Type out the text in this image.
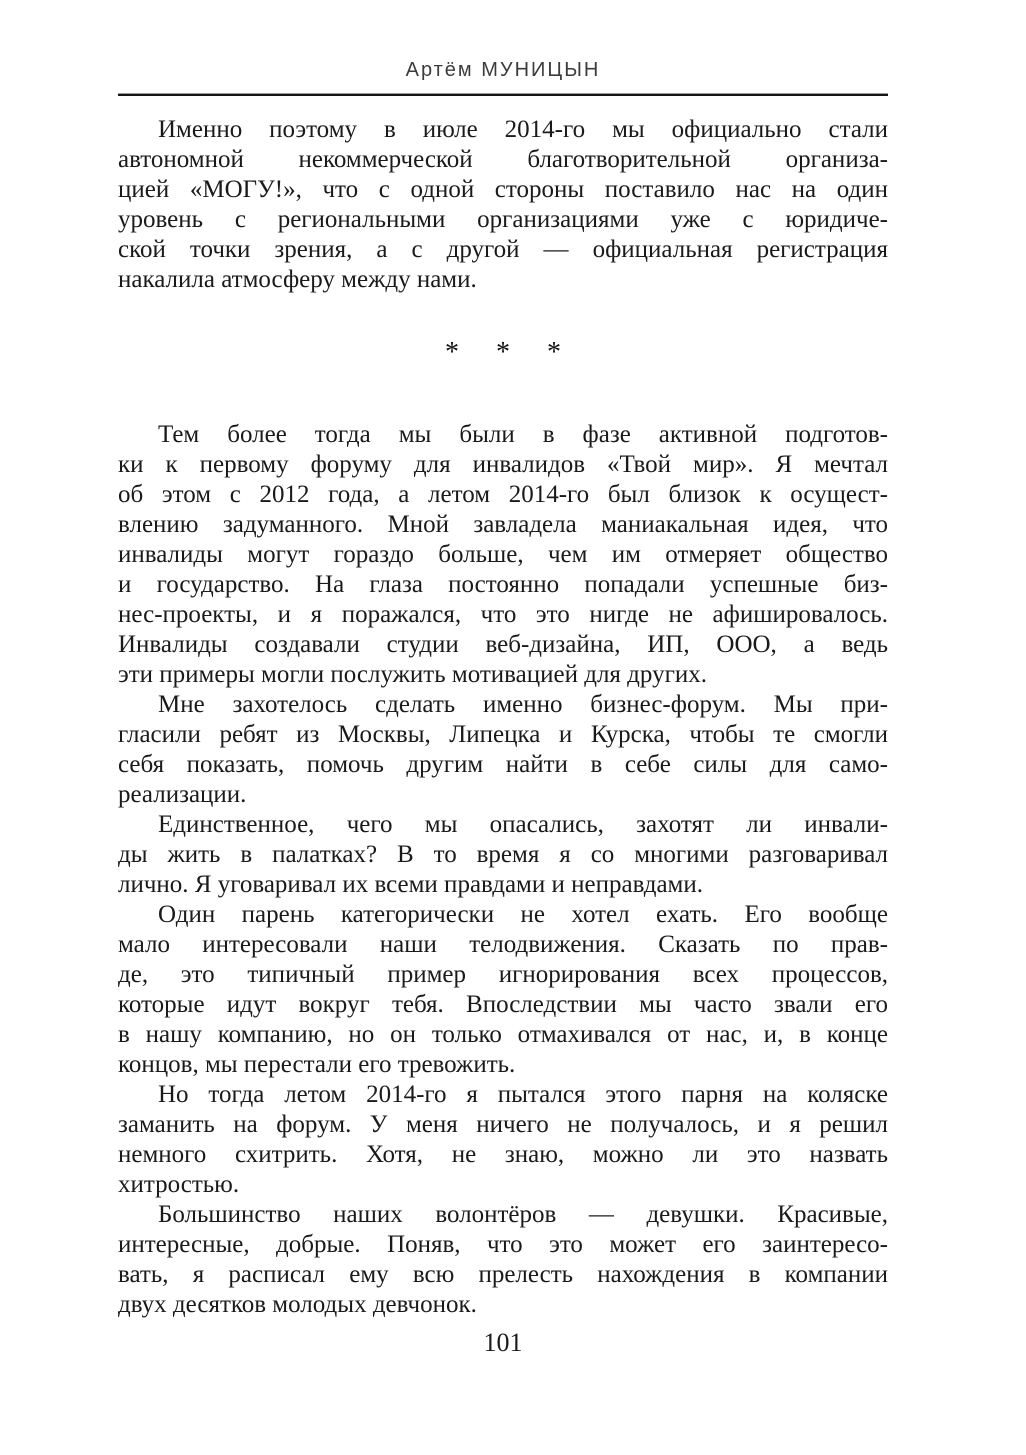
Артём МУНИЦЫН
Именно поэтому в июле 2014-го мы официально стали
автономной некоммерческой благотворительной организа-
цией «МОГУ!», что с одной стороны поставило нас на один
уровень с региональными организациями уже с юридиче-
ской точки зрения, а с другой — официальная регистрация
накалила атмосферу между нами.
* * *
Тем более тогда мы были в фазе активной подготов-
ки к первому форуму для инвалидов «Твой мир». Я мечтал
об этом с 2012 года, а летом 2014-го был близок к осущест-
влению задуманного. Мной завладела маниакальная идея, что
инвалиды могут гораздо больше, чем им отмеряет общество
и государство. На глаза постоянно попадали успешные биз-
нес-проекты, и я поражался, что это нигде не афишировалось.
Инвалиды создавали студии веб-дизайна, ИП, ООО, а ведь
эти примеры могли послужить мотивацией для других.
Мне захотелось сделать именно бизнес-форум. Мы при-
гласили ребят из Москвы, Липецка и Курска, чтобы те смогли
себя показать, помочь другим найти в себе силы для само-
реализации.
Единственное, чего мы опасались, захотят ли инвали-
ды жить в палатках? В то время я со многими разговаривал
лично. Я уговаривал их всеми правдами и неправдами.
Один парень категорически не хотел ехать. Его вообще
мало интересовали наши телодвижения. Сказать по прав-
де, это типичный пример игнорирования всех процессов,
которые идут вокруг тебя. Впоследствии мы часто звали его
в нашу компанию, но он только отмахивался от нас, и, в конце
концов, мы перестали его тревожить.
Но тогда летом 2014-го я пытался этого парня на коляске
заманить на форум. У меня ничего не получалось, и я решил
немного схитрить. Хотя, не знаю, можно ли это назвать
хитростью.
Большинство наших волонтёров — девушки. Красивые,
интересные, добрые. Поняв, что это может его заинтересо-
вать, я расписал ему всю прелесть нахождения в компании
двух десятков молодых девчонок.
101
